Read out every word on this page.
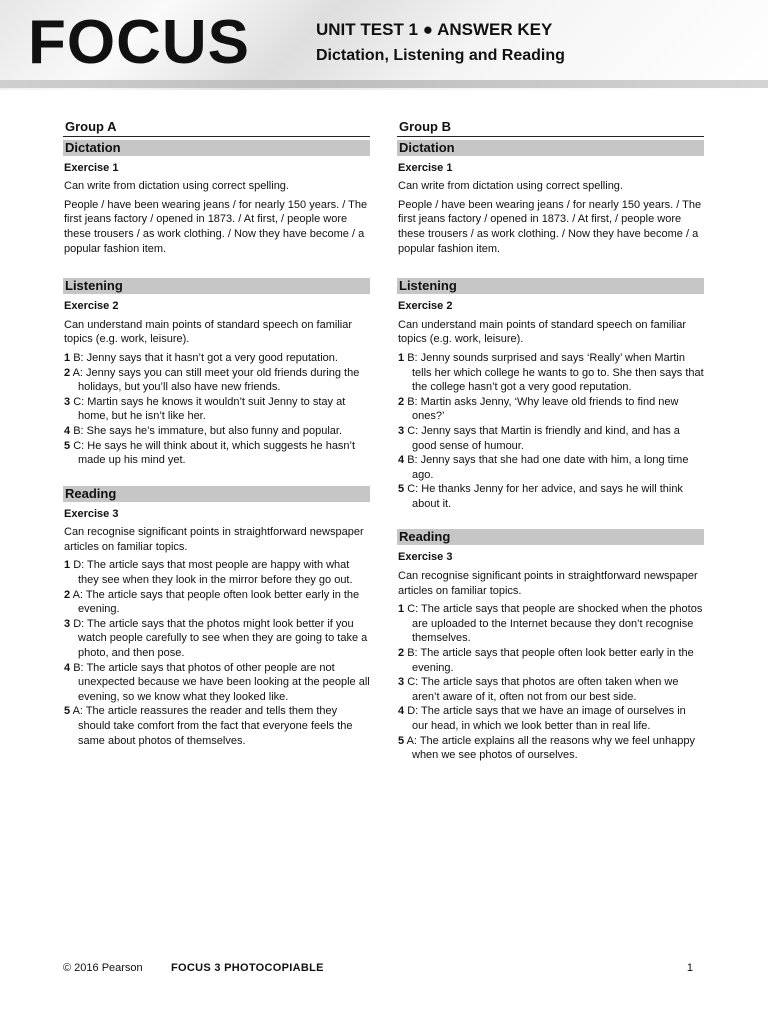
FOCUS	UNIT TEST 1 ● ANSWER KEY
Dictation, Listening and Reading
Group A
Dictation
Exercise 1
Can write from dictation using correct spelling.
People / have been wearing jeans / for nearly 150 years. / The first jeans factory / opened in 1873. / At first, / people wore these trousers / as work clothing. / Now they have become / a popular fashion item.
Listening
Exercise 2
Can understand main points of standard speech on familiar topics (e.g. work, leisure).
1 B: Jenny says that it hasn’t got a very good reputation.
2 A: Jenny says you can still meet your old friends during the holidays, but you’ll also have new friends.
3 C: Martin says he knows it wouldn’t suit Jenny to stay at home, but he isn’t like her.
4 B: She says he’s immature, but also funny and popular.
5 C: He says he will think about it, which suggests he hasn’t made up his mind yet.
Reading
Exercise 3
Can recognise significant points in straightforward newspaper articles on familiar topics.
1 D: The article says that most people are happy with what they see when they look in the mirror before they go out.
2 A: The article says that people often look better early in the evening.
3 D: The article says that the photos might look better if you watch people carefully to see when they are going to take a photo, and then pose.
4 B: The article says that photos of other people are not unexpected because we have been looking at the people all evening, so we know what they looked like.
5 A: The article reassures the reader and tells them they should take comfort from the fact that everyone feels the same about photos of themselves.
Group B
Dictation
Exercise 1
Can write from dictation using correct spelling.
People / have been wearing jeans / for nearly 150 years. / The first jeans factory / opened in 1873. / At first, / people wore these trousers / as work clothing. / Now they have become / a popular fashion item.
Listening
Exercise 2
Can understand main points of standard speech on familiar topics (e.g. work, leisure).
1 B: Jenny sounds surprised and says ‘Really’ when Martin tells her which college he wants to go to. She then says that the college hasn’t got a very good reputation.
2 B: Martin asks Jenny, ‘Why leave old friends to find new ones?’
3 C: Jenny says that Martin is friendly and kind, and has a good sense of humour.
4 B: Jenny says that she had one date with him, a long time ago.
5 C: He thanks Jenny for her advice, and says he will think about it.
Reading
Exercise 3
Can recognise significant points in straightforward newspaper articles on familiar topics.
1 C: The article says that people are shocked when the photos are uploaded to the Internet because they don’t recognise themselves.
2 B: The article says that people often look better early in the evening.
3 C: The article says that photos are often taken when we aren’t aware of it, often not from our best side.
4 D: The article says that we have an image of ourselves in our head, in which we look better than in real life.
5 A: The article explains all the reasons why we feel unhappy when we see photos of ourselves.
© 2016 Pearson	FOCUS 3 PHOTOCOPIABLE	1
